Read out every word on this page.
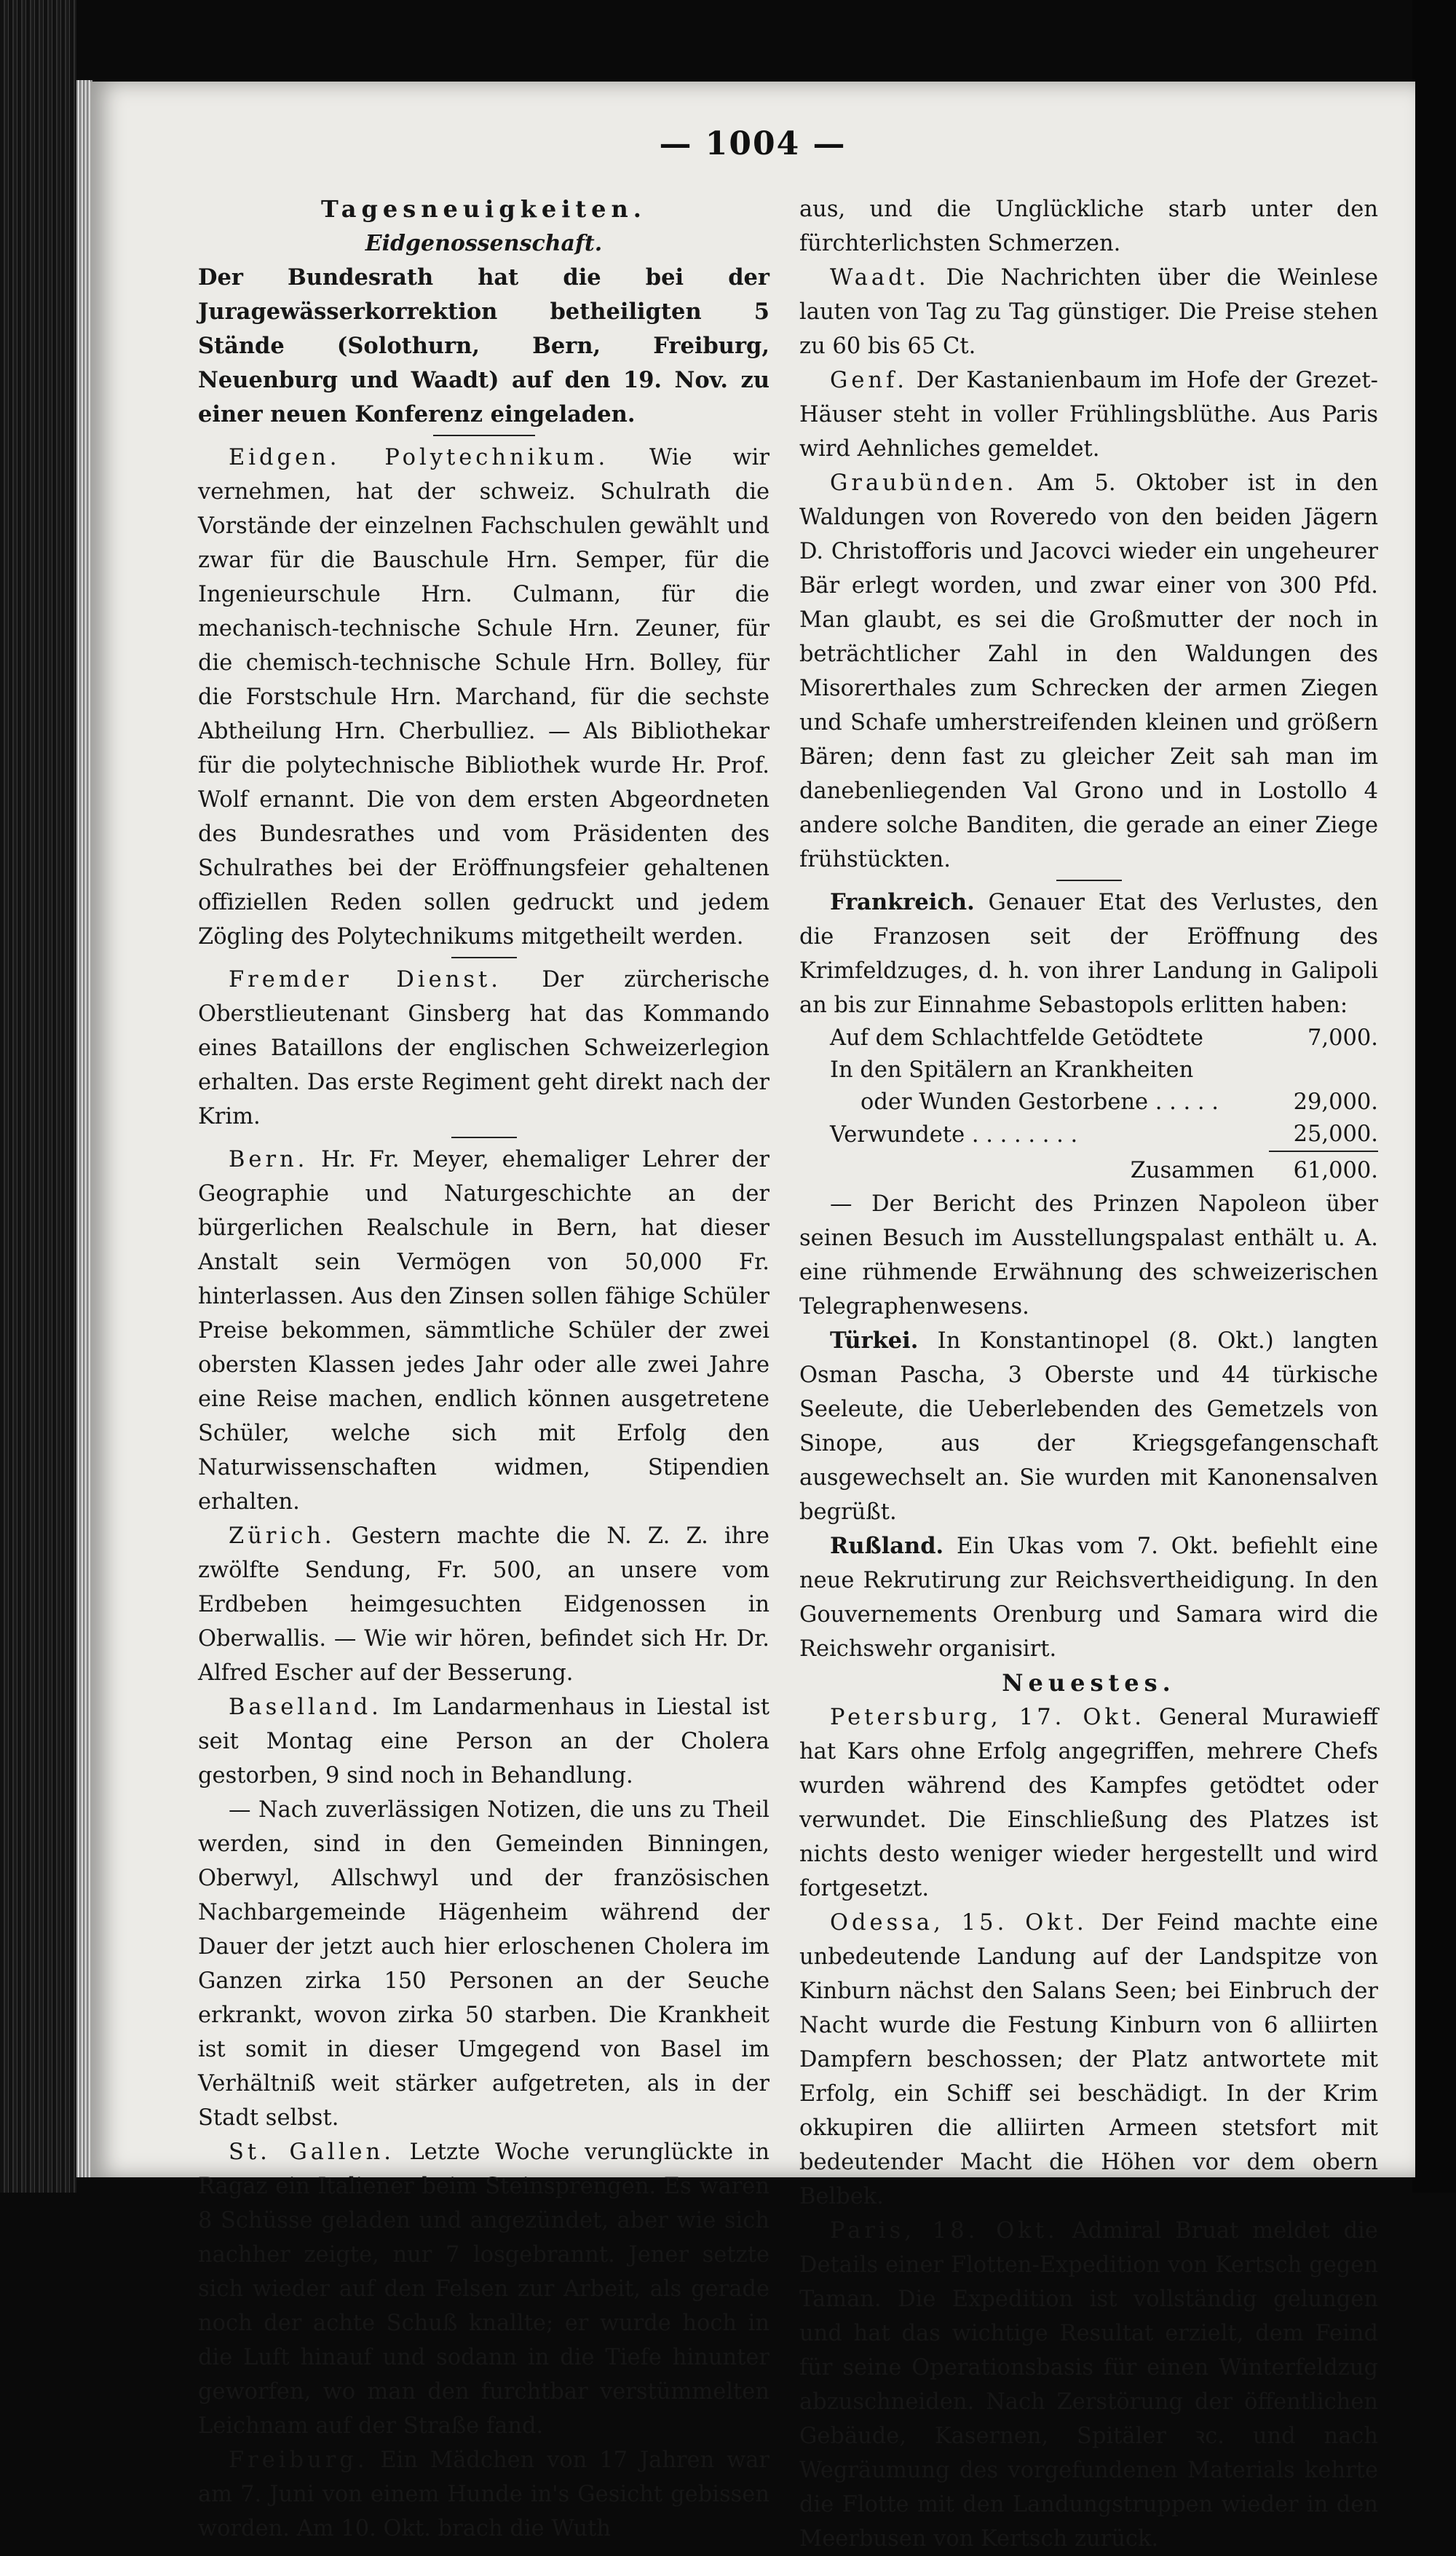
— 1004 —
Tagesneuigkeiten.
Eidgenossenschaft.

Der Bundesrath hat die bei der Juragewässerkorrektion betheiligten 5 Stände (Solothurn, Bern, Freiburg, Neuenburg und Waadt) auf den 19. Nov. zu einer neuen Konferenz eingeladen.

Eidgen. Polytechnikum. Wie wir vernehmen, hat der schweiz. Schulrath die Vorstände der einzelnen Fachschulen gewählt und zwar für die Bauschule Hrn. Semper, für die Ingenieurschule Hrn. Culmann, für die mechanisch-technische Schule Hrn. Zeuner, für die chemisch-technische Schule Hrn. Bolley, für die Forstschule Hrn. Marchand, für die sechste Abtheilung Hrn. Cherbulliez. — Als Bibliothekar für die polytechnische Bibliothek wurde Hr. Prof. Wolf ernannt. Die von dem ersten Abgeordneten des Bundesrathes und vom Präsidenten des Schulrathes bei der Eröffnungsfeier gehaltenen offiziellen Reden sollen gedruckt und jedem Zögling des Polytechnikums mitgetheilt werden.

Fremder Dienst. Der zürcherische Oberstlieutenant Ginsberg hat das Kommando eines Bataillons der englischen Schweizerlegion erhalten. Das erste Regiment geht direkt nach der Krim.

Bern. Hr. Fr. Meyer, ehemaliger Lehrer der Geographie und Naturgeschichte an der bürgerlichen Realschule in Bern, hat dieser Anstalt sein Vermögen von 50,000 Fr. hinterlassen. Aus den Zinsen sollen fähige Schüler Preise bekommen, sämmtliche Schüler der zwei obersten Klassen jedes Jahr oder alle zwei Jahre eine Reise machen, endlich können ausgetretene Schüler, welche sich mit Erfolg den Naturwissenschaften widmen, Stipendien erhalten.

Zürich. Gestern machte die N. Z. Z. ihre zwölfte Sendung, Fr. 500, an unsere vom Erdbeben heimgesuchten Eidgenossen in Oberwallis. — Wie wir hören, befindet sich Hr. Dr. Alfred Escher auf der Besserung.

Baselland. Im Landarmenhaus in Liestal ist seit Montag eine Person an der Cholera gestorben, 9 sind noch in Behandlung.

— Nach zuverlässigen Notizen, die uns zu Theil werden, sind in den Gemeinden Binningen, Oberwyl, Allschwyl und der französischen Nachbargemeinde Hägenheim während der Dauer der jetzt auch hier erloschenen Cholera im Ganzen zirka 150 Personen an der Seuche erkrankt, wovon zirka 50 starben. Die Krankheit ist somit in dieser Umgegend von Basel im Verhältniß weit stärker aufgetreten, als in der Stadt selbst.

St. Gallen. Letzte Woche verunglückte in Ragaz ein Italiener beim Steinsprengen. Es waren 8 Schüsse geladen und angezündet, aber wie sich nachher zeigte, nur 7 losgebrannt. Jener setzte sich wieder auf den Felsen zur Arbeit, als gerade noch der achte Schuß knallte; er wurde hoch in die Luft hinauf und sodann in die Tiefe hinunter geworfen, wo man den furchtbar verstümmelten Leichnam auf der Straße fand.

Freiburg. Ein Mädchen von 17 Jahren war am 7. Juni von einem Hunde in's Gesicht gebissen worden. Am 10. Okt. brach die Wuth

aus, und die Unglückliche starb unter den fürchterlichsten Schmerzen.

Waadt. Die Nachrichten über die Weinlese lauten von Tag zu Tag günstiger. Die Preise stehen zu 60 bis 65 Ct.

Genf. Der Kastanienbaum im Hofe der Grezet-Häuser steht in voller Frühlingsblüthe. Aus Paris wird Aehnliches gemeldet.

Graubünden. Am 5. Oktober ist in den Waldungen von Roveredo von den beiden Jägern D. Christofforis und Jacovci wieder ein ungeheurer Bär erlegt worden, und zwar einer von 300 Pfd. Man glaubt, es sei die Großmutter der noch in beträchtlicher Zahl in den Waldungen des Misorerthales zum Schrecken der armen Ziegen und Schafe umherstreifenden kleinen und größern Bären; denn fast zu gleicher Zeit sah man im danebenliegenden Val Grono und in Lostollo 4 andere solche Banditen, die gerade an einer Ziege frühstückten.

Frankreich. Genauer Etat des Verlustes, den die Franzosen seit der Eröffnung des Krimfeldzuges, d. h. von ihrer Landung in Galipoli an bis zur Einnahme Sebastopols erlitten haben:

Auf dem Schlachtfelde Getödtete	7,000.
In den Spitälern an Krankheiten	
oder Wunden Gestorbene . . . . .	29,000.
Verwundete . . . . . . . .	25,000.
Zusammen	61,000.

— Der Bericht des Prinzen Napoleon über seinen Besuch im Ausstellungspalast enthält u. A. eine rühmende Erwähnung des schweizerischen Telegraphenwesens.

Türkei. In Konstantinopel (8. Okt.) langten Osman Pascha, 3 Oberste und 44 türkische Seeleute, die Ueberlebenden des Gemetzels von Sinope, aus der Kriegsgefangenschaft ausgewechselt an. Sie wurden mit Kanonensalven begrüßt.

Rußland. Ein Ukas vom 7. Okt. befiehlt eine neue Rekrutirung zur Reichsvertheidigung. In den Gouvernements Orenburg und Samara wird die Reichswehr organisirt.

Neuestes.

Petersburg, 17. Okt. General Murawieff hat Kars ohne Erfolg angegriffen, mehrere Chefs wurden während des Kampfes getödtet oder verwundet. Die Einschließung des Platzes ist nichts desto weniger wieder hergestellt und wird fortgesetzt.

Odessa, 15. Okt. Der Feind machte eine unbedeutende Landung auf der Landspitze von Kinburn nächst den Salans Seen; bei Einbruch der Nacht wurde die Festung Kinburn von 6 alliirten Dampfern beschossen; der Platz antwortete mit Erfolg, ein Schiff sei beschädigt. In der Krim okkupiren die alliirten Armeen stetsfort mit bedeutender Macht die Höhen vor dem obern Belbek.

Paris, 18. Okt. Admiral Bruat meldet die Details einer Flotten-Expedition von Kertsch gegen Taman. Die Expedition ist vollständig gelungen und hat das wichtige Resultat erzielt, dem Feind für seine Operationsbasis für einen Winterfeldzug abzuschneiden. Nach Zerstörung der öffentlichen Gebäude, Kasernen, Spitäler ꝛc. und nach Wegräumung des vorgefundenen Materials kehrte die Flotte mit den Landungstruppen wieder in den Meerbusen von Kertsch zurück.
